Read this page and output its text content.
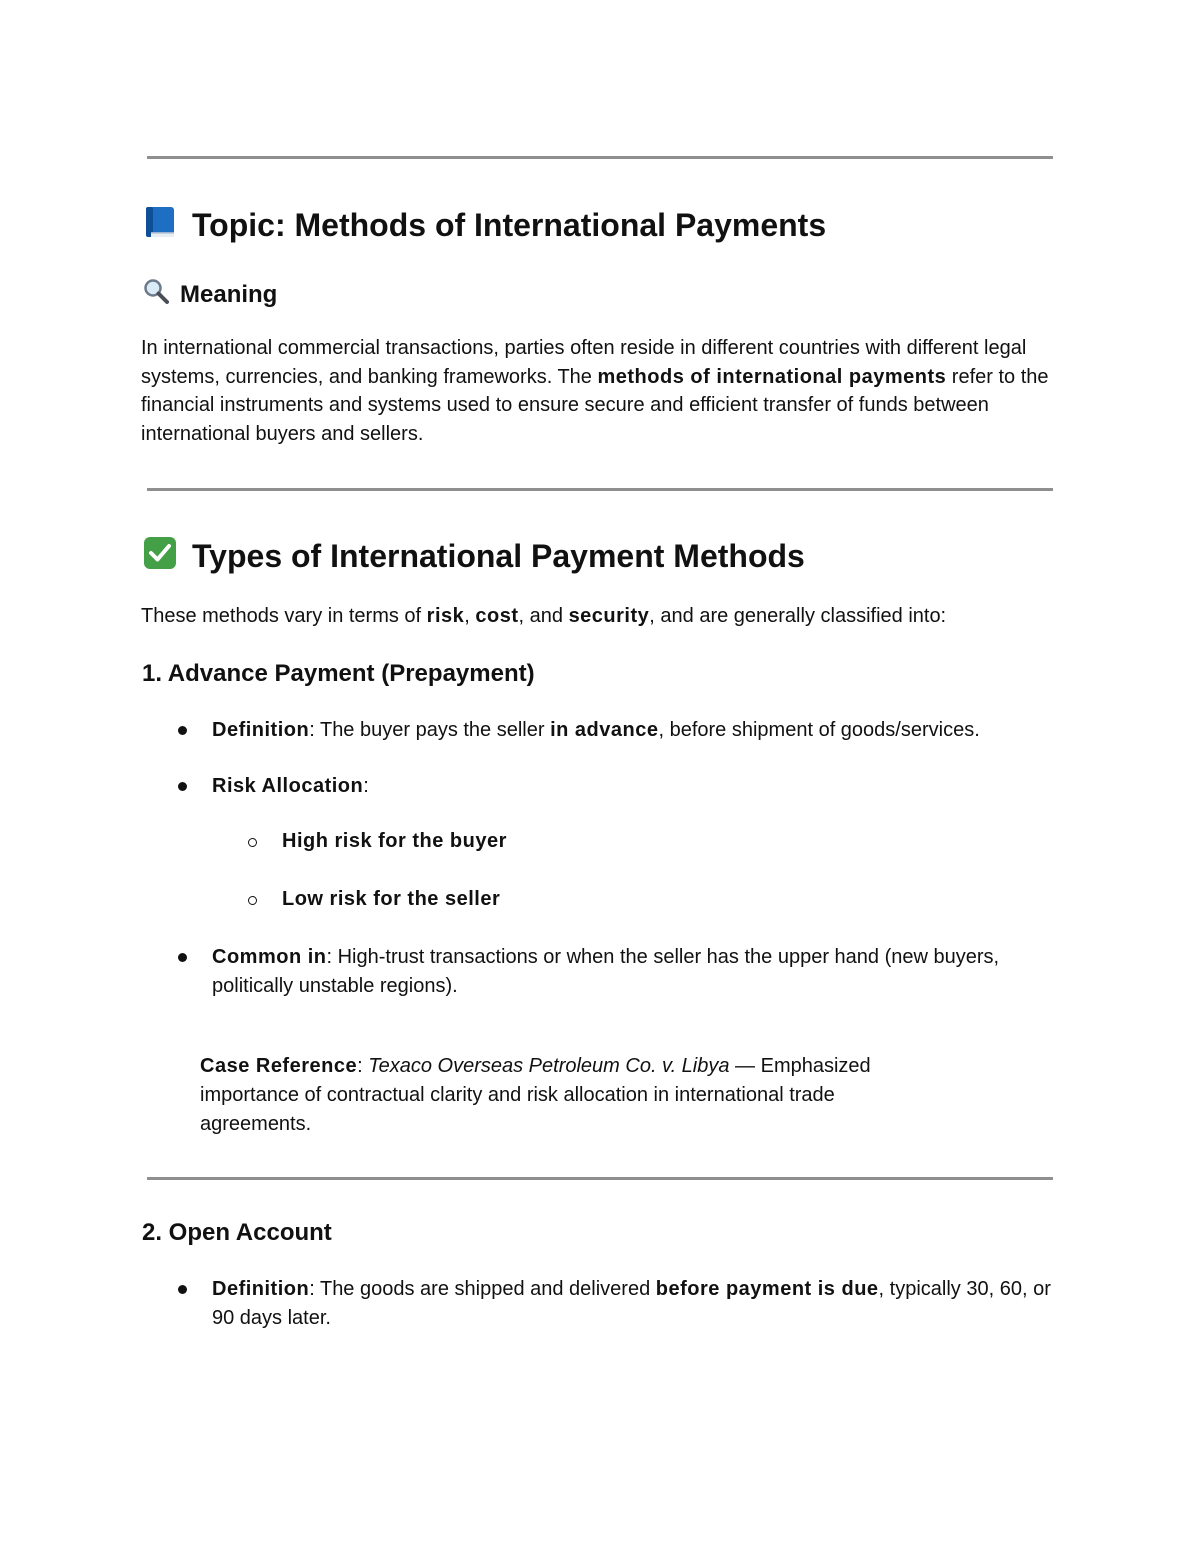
Topic: Methods of International Payments
Meaning
In international commercial transactions, parties often reside in different countries with different legal systems, currencies, and banking frameworks. The methods of international payments refer to the financial instruments and systems used to ensure secure and efficient transfer of funds between international buyers and sellers.
Types of International Payment Methods
These methods vary in terms of risk, cost, and security, and are generally classified into:
1. Advance Payment (Prepayment)
Definition: The buyer pays the seller in advance, before shipment of goods/services.
Risk Allocation:
High risk for the buyer
Low risk for the seller
Common in: High-trust transactions or when the seller has the upper hand (new buyers, politically unstable regions).
Case Reference: Texaco Overseas Petroleum Co. v. Libya — Emphasized importance of contractual clarity and risk allocation in international trade agreements.
2. Open Account
Definition: The goods are shipped and delivered before payment is due, typically 30, 60, or 90 days later.
